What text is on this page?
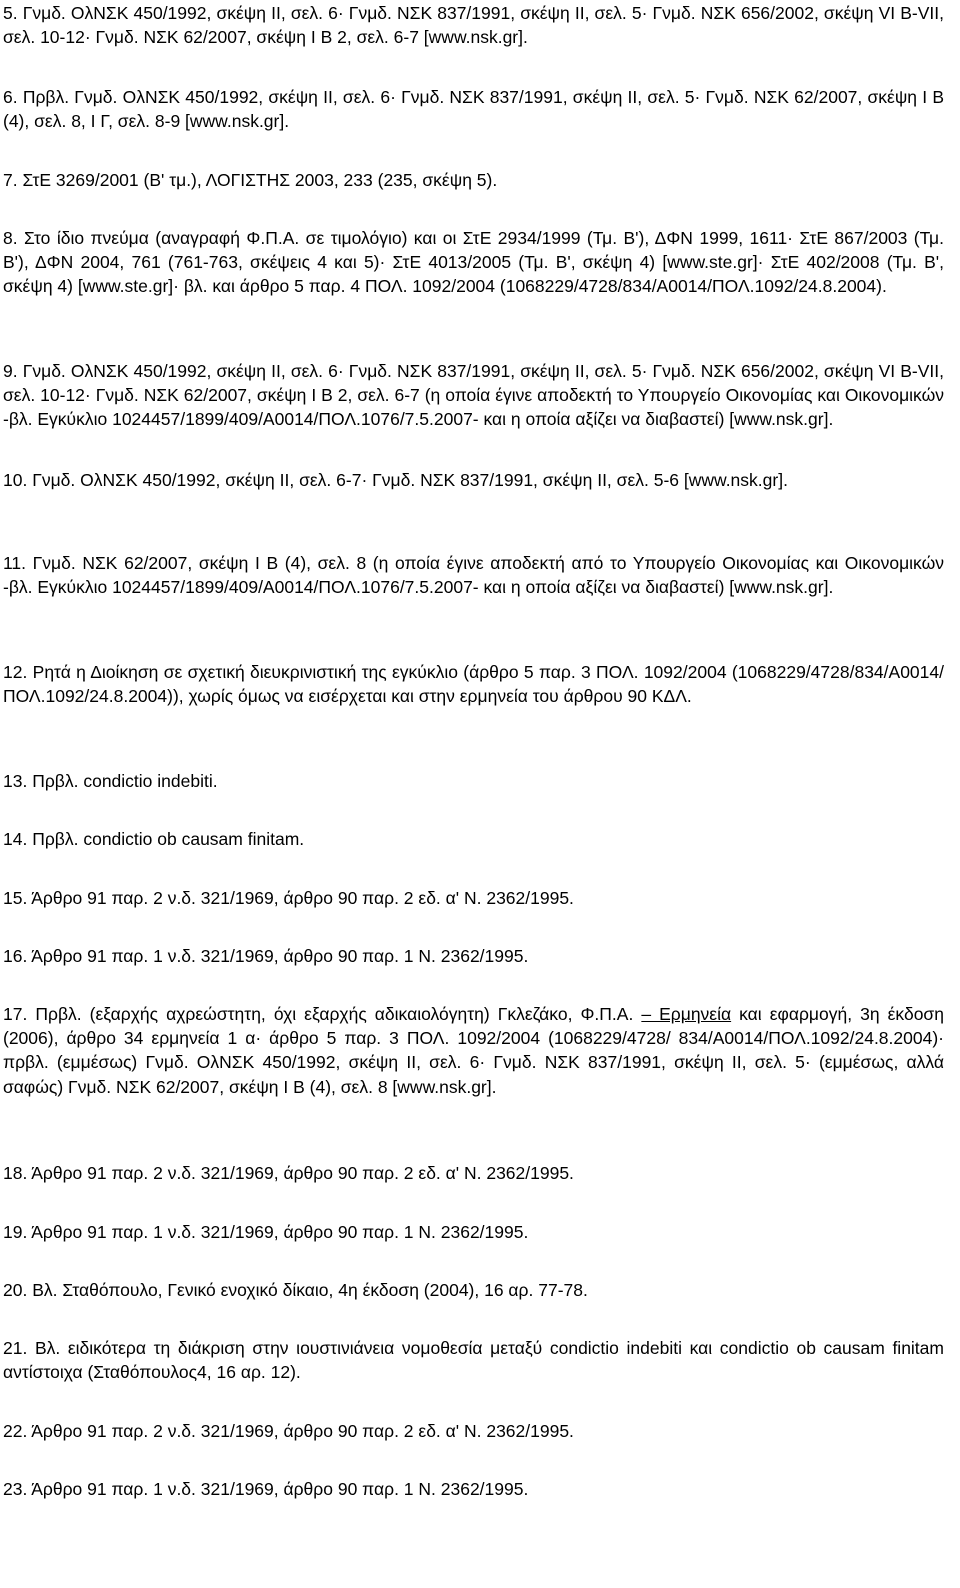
5. Γνμδ. ΟλΝΣΚ 450/1992, σκέψη ΙΙ, σελ. 6· Γνμδ. ΝΣΚ 837/1991, σκέψη ΙΙ, σελ. 5· Γνμδ. ΝΣΚ 656/2002, σκέψη VI B-VII, σελ. 10-12· Γνμδ. ΝΣΚ 62/2007, σκέψη Ι Β 2, σελ. 6-7 [www.nsk.gr].

6. Πρβλ. Γνμδ. ΟλΝΣΚ 450/1992, σκέψη ΙΙ, σελ. 6· Γνμδ. ΝΣΚ 837/1991, σκέψη ΙΙ, σελ. 5· Γνμδ. ΝΣΚ 62/2007, σκέψη Ι Β (4), σελ. 8, Ι Γ, σελ. 8-9 [www.nsk.gr].

7. ΣτΕ 3269/2001 (Β' τμ.), ΛΟΓΙΣΤΗΣ 2003, 233 (235, σκέψη 5).

8. Στο ίδιο πνεύμα (αναγραφή Φ.Π.Α. σε τιμολόγιο) και οι ΣτΕ 2934/1999 (Τμ. Β'), ΔΦΝ 1999, 1611· ΣτΕ 867/2003 (Τμ. Β'), ΔΦΝ 2004, 761 (761-763, σκέψεις 4 και 5)· ΣτΕ 4013/2005 (Τμ. Β', σκέψη 4) [www.ste.gr]· ΣτΕ 402/2008 (Τμ. Β', σκέψη 4) [www.ste.gr]· βλ. και άρθρο 5 παρ. 4 ΠΟΛ. 1092/2004 (1068229/4728/834/Α0014/ΠΟΛ.1092/24.8.2004).

9. Γνμδ. ΟλΝΣΚ 450/1992, σκέψη ΙΙ, σελ. 6· Γνμδ. ΝΣΚ 837/1991, σκέψη ΙΙ, σελ. 5· Γνμδ. ΝΣΚ 656/2002, σκέψη VI B-VII, σελ. 10-12· Γνμδ. ΝΣΚ 62/2007, σκέψη Ι Β 2, σελ. 6-7 (η οποία έγινε αποδεκτή το Υπουργείο Οικονομίας και Οικονομικών -βλ. Εγκύκλιο 1024457/1899/409/Α0014/ΠΟΛ.1076/7.5.2007- και η οποία αξίζει να διαβαστεί) [www.nsk.gr].

10. Γνμδ. ΟλΝΣΚ 450/1992, σκέψη ΙΙ, σελ. 6-7· Γνμδ. ΝΣΚ 837/1991, σκέψη ΙΙ, σελ. 5-6 [www.nsk.gr].

11. Γνμδ. ΝΣΚ 62/2007, σκέψη Ι Β (4), σελ. 8 (η οποία έγινε αποδεκτή από το Υπουργείο Οικονομίας και Οικονομικών -βλ. Εγκύκλιο 1024457/1899/409/Α0014/ΠΟΛ.1076/7.5.2007- και η οποία αξίζει να διαβαστεί) [www.nsk.gr].

12. Ρητά η Διοίκηση σε σχετική διευκρινιστική της εγκύκλιο (άρθρο 5 παρ. 3 ΠΟΛ. 1092/2004 (1068229/4728/834/Α0014/ΠΟΛ.1092/24.8.2004)), χωρίς όμως να εισέρχεται και στην ερμηνεία του άρθρου 90 ΚΔΛ.

13. Πρβλ. condictio indebiti.

14. Πρβλ. condictio ob causam finitam.

15. Άρθρο 91 παρ. 2 ν.δ. 321/1969, άρθρο 90 παρ. 2 εδ. α' Ν. 2362/1995.

16. Άρθρο 91 παρ. 1 ν.δ. 321/1969, άρθρο 90 παρ. 1 Ν. 2362/1995.

17. Πρβλ. (εξαρχής αχρεώστητη, όχι εξαρχής αδικαιολόγητη) Γκλεζάκο, Φ.Π.Α. – Ερμηνεία και εφαρμογή, 3η έκδοση (2006), άρθρο 34 ερμηνεία 1 α· άρθρο 5 παρ. 3 ΠΟΛ. 1092/2004 (1068229/4728/ 834/Α0014/ΠΟΛ.1092/24.8.2004)· πρβλ. (εμμέσως) Γνμδ. ΟλΝΣΚ 450/1992, σκέψη ΙΙ, σελ. 6· Γνμδ. ΝΣΚ 837/1991, σκέψη ΙΙ, σελ. 5· (εμμέσως, αλλά σαφώς) Γνμδ. ΝΣΚ 62/2007, σκέψη Ι Β (4), σελ. 8 [www.nsk.gr].

18. Άρθρο 91 παρ. 2 ν.δ. 321/1969, άρθρο 90 παρ. 2 εδ. α' Ν. 2362/1995.

19. Άρθρο 91 παρ. 1 ν.δ. 321/1969, άρθρο 90 παρ. 1 Ν. 2362/1995.

20. Βλ. Σταθόπουλο, Γενικό ενοχικό δίκαιο, 4η έκδοση (2004), 16 αρ. 77-78.

21. Βλ. ειδικότερα τη διάκριση στην ιουστινιάνεια νομοθεσία μεταξύ condictio indebiti και condictio ob causam finitam αντίστοιχα (Σταθόπουλος4, 16 αρ. 12).

22. Άρθρο 91 παρ. 2 ν.δ. 321/1969, άρθρο 90 παρ. 2 εδ. α' Ν. 2362/1995.

23. Άρθρο 91 παρ. 1 ν.δ. 321/1969, άρθρο 90 παρ. 1 Ν. 2362/1995.
